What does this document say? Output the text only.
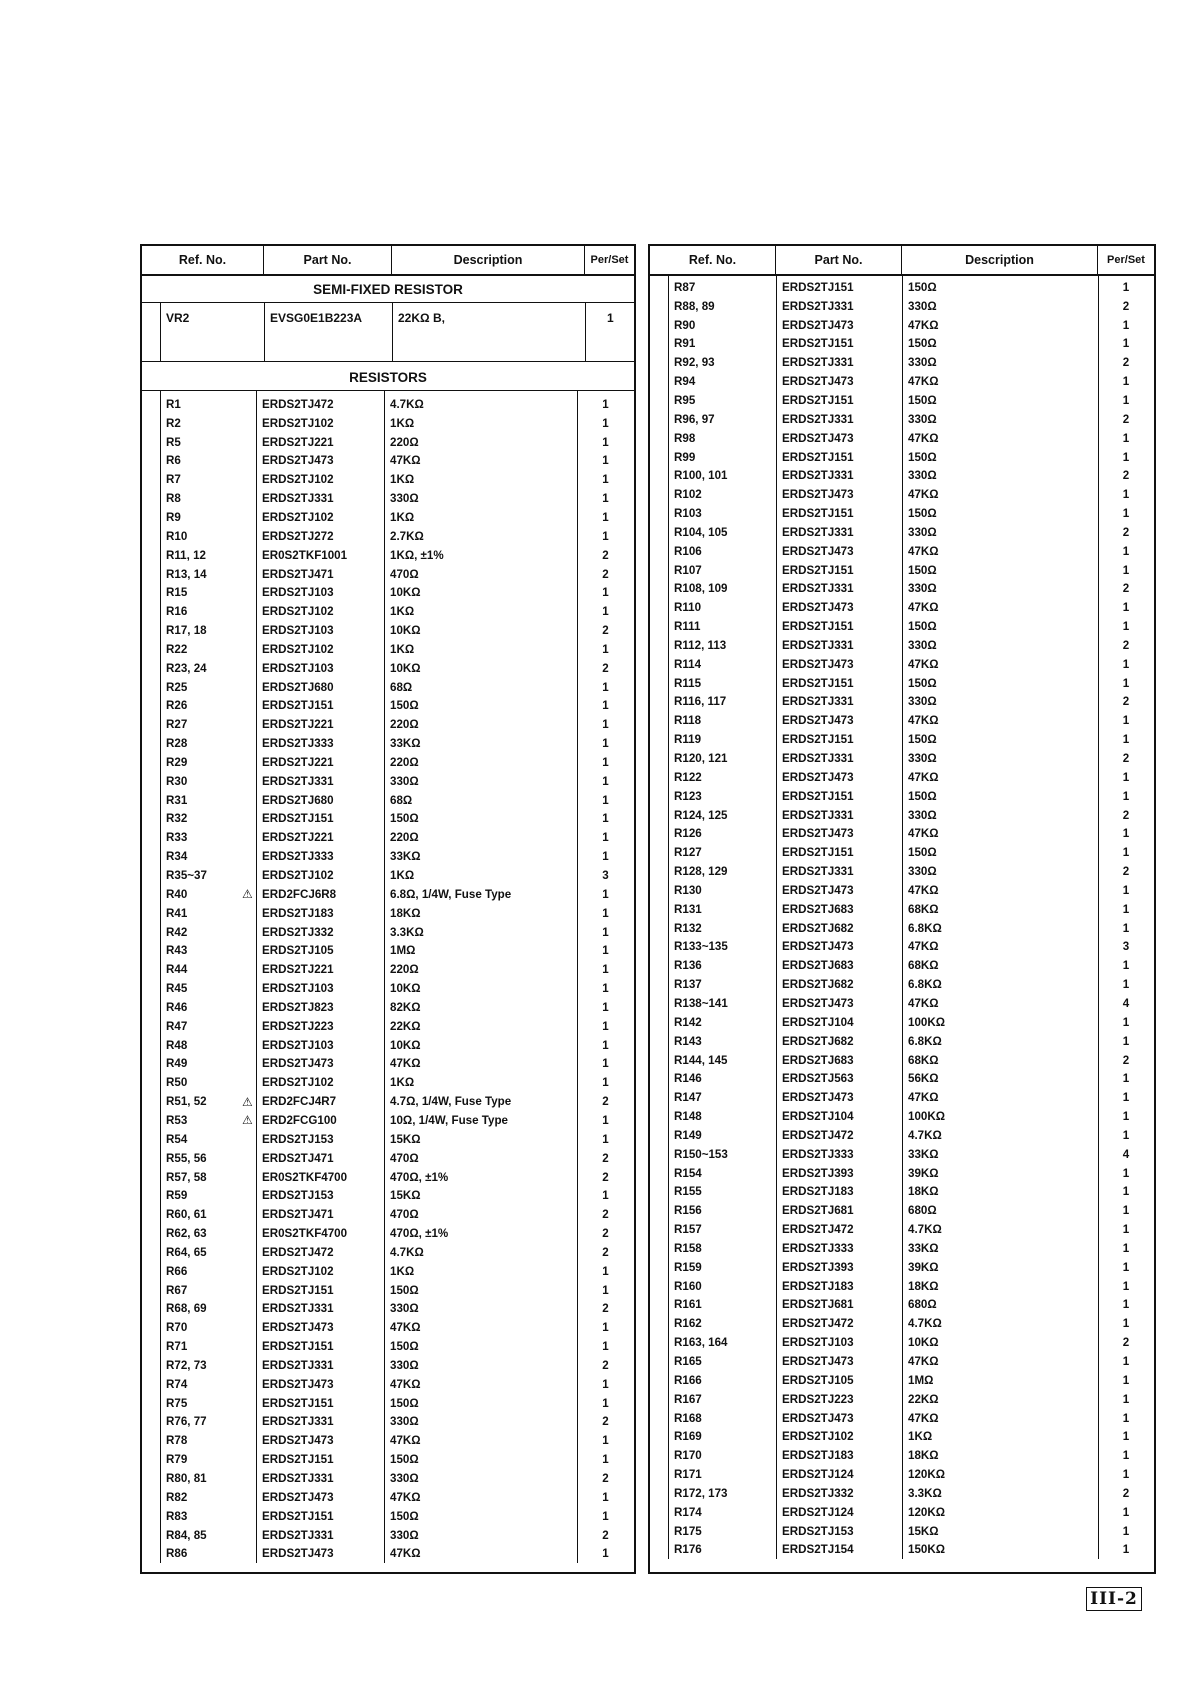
Ref. No.	Part No.	Description	Per/Set
SEMI-FIXED RESISTOR
VR2	EVSG0E1B223A	22KΩ B,	1
RESISTORS
R1	ERDS2TJ472	4.7KΩ	1
R2	ERDS2TJ102	1KΩ	1
R5	ERDS2TJ221	220Ω	1
R6	ERDS2TJ473	47KΩ	1
R7	ERDS2TJ102	1KΩ	1
R8	ERDS2TJ331	330Ω	1
R9	ERDS2TJ102	1KΩ	1
R10	ERDS2TJ272	2.7KΩ	1
R11, 12	ER0S2TKF1001	1KΩ, ±1%	2
R13, 14	ERDS2TJ471	470Ω	2
R15	ERDS2TJ103	10KΩ	1
R16	ERDS2TJ102	1KΩ	1
R17, 18	ERDS2TJ103	10KΩ	2
R22	ERDS2TJ102	1KΩ	1
R23, 24	ERDS2TJ103	10KΩ	2
R25	ERDS2TJ680	68Ω	1
R26	ERDS2TJ151	150Ω	1
R27	ERDS2TJ221	220Ω	1
R28	ERDS2TJ333	33KΩ	1
R29	ERDS2TJ221	220Ω	1
R30	ERDS2TJ331	330Ω	1
R31	ERDS2TJ680	68Ω	1
R32	ERDS2TJ151	150Ω	1
R33	ERDS2TJ221	220Ω	1
R34	ERDS2TJ333	33KΩ	1
R35~37	ERDS2TJ102	1KΩ	3
R40	ERD2FCJ6R8	6.8Ω, 1/4W, Fuse Type	1
⚠
R41	ERDS2TJ183	18KΩ	1
R42	ERDS2TJ332	3.3KΩ	1
R43	ERDS2TJ105	1MΩ	1
R44	ERDS2TJ221	220Ω	1
R45	ERDS2TJ103	10KΩ	1
R46	ERDS2TJ823	82KΩ	1
R47	ERDS2TJ223	22KΩ	1
R48	ERDS2TJ103	10KΩ	1
R49	ERDS2TJ473	47KΩ	1
R50	ERDS2TJ102	1KΩ	1
R51, 52	ERD2FCJ4R7	4.7Ω, 1/4W, Fuse Type	2
⚠
R53	ERD2FCG100	10Ω, 1/4W, Fuse Type	1
⚠
R54	ERDS2TJ153	15KΩ	1
R55, 56	ERDS2TJ471	470Ω	2
R57, 58	ER0S2TKF4700	470Ω, ±1%	2
R59	ERDS2TJ153	15KΩ	1
R60, 61	ERDS2TJ471	470Ω	2
R62, 63	ER0S2TKF4700	470Ω, ±1%	2
R64, 65	ERDS2TJ472	4.7KΩ	2
R66	ERDS2TJ102	1KΩ	1
R67	ERDS2TJ151	150Ω	1
R68, 69	ERDS2TJ331	330Ω	2
R70	ERDS2TJ473	47KΩ	1
R71	ERDS2TJ151	150Ω	1
R72, 73	ERDS2TJ331	330Ω	2
R74	ERDS2TJ473	47KΩ	1
R75	ERDS2TJ151	150Ω	1
R76, 77	ERDS2TJ331	330Ω	2
R78	ERDS2TJ473	47KΩ	1
R79	ERDS2TJ151	150Ω	1
R80, 81	ERDS2TJ331	330Ω	2
R82	ERDS2TJ473	47KΩ	1
R83	ERDS2TJ151	150Ω	1
R84, 85	ERDS2TJ331	330Ω	2
R86	ERDS2TJ473	47KΩ	1
Ref. No.	Part No.	Description	Per/Set
R87	ERDS2TJ151	150Ω	1
R88, 89	ERDS2TJ331	330Ω	2
R90	ERDS2TJ473	47KΩ	1
R91	ERDS2TJ151	150Ω	1
R92, 93	ERDS2TJ331	330Ω	2
R94	ERDS2TJ473	47KΩ	1
R95	ERDS2TJ151	150Ω	1
R96, 97	ERDS2TJ331	330Ω	2
R98	ERDS2TJ473	47KΩ	1
R99	ERDS2TJ151	150Ω	1
R100, 101	ERDS2TJ331	330Ω	2
R102	ERDS2TJ473	47KΩ	1
R103	ERDS2TJ151	150Ω	1
R104, 105	ERDS2TJ331	330Ω	2
R106	ERDS2TJ473	47KΩ	1
R107	ERDS2TJ151	150Ω	1
R108, 109	ERDS2TJ331	330Ω	2
R110	ERDS2TJ473	47KΩ	1
R111	ERDS2TJ151	150Ω	1
R112, 113	ERDS2TJ331	330Ω	2
R114	ERDS2TJ473	47KΩ	1
R115	ERDS2TJ151	150Ω	1
R116, 117	ERDS2TJ331	330Ω	2
R118	ERDS2TJ473	47KΩ	1
R119	ERDS2TJ151	150Ω	1
R120, 121	ERDS2TJ331	330Ω	2
R122	ERDS2TJ473	47KΩ	1
R123	ERDS2TJ151	150Ω	1
R124, 125	ERDS2TJ331	330Ω	2
R126	ERDS2TJ473	47KΩ	1
R127	ERDS2TJ151	150Ω	1
R128, 129	ERDS2TJ331	330Ω	2
R130	ERDS2TJ473	47KΩ	1
R131	ERDS2TJ683	68KΩ	1
R132	ERDS2TJ682	6.8KΩ	1
R133~135	ERDS2TJ473	47KΩ	3
R136	ERDS2TJ683	68KΩ	1
R137	ERDS2TJ682	6.8KΩ	1
R138~141	ERDS2TJ473	47KΩ	4
R142	ERDS2TJ104	100KΩ	1
R143	ERDS2TJ682	6.8KΩ	1
R144, 145	ERDS2TJ683	68KΩ	2
R146	ERDS2TJ563	56KΩ	1
R147	ERDS2TJ473	47KΩ	1
R148	ERDS2TJ104	100KΩ	1
R149	ERDS2TJ472	4.7KΩ	1
R150~153	ERDS2TJ333	33KΩ	4
R154	ERDS2TJ393	39KΩ	1
R155	ERDS2TJ183	18KΩ	1
R156	ERDS2TJ681	680Ω	1
R157	ERDS2TJ472	4.7KΩ	1
R158	ERDS2TJ333	33KΩ	1
R159	ERDS2TJ393	39KΩ	1
R160	ERDS2TJ183	18KΩ	1
R161	ERDS2TJ681	680Ω	1
R162	ERDS2TJ472	4.7KΩ	1
R163, 164	ERDS2TJ103	10KΩ	2
R165	ERDS2TJ473	47KΩ	1
R166	ERDS2TJ105	1MΩ	1
R167	ERDS2TJ223	22KΩ	1
R168	ERDS2TJ473	47KΩ	1
R169	ERDS2TJ102	1KΩ	1
R170	ERDS2TJ183	18KΩ	1
R171	ERDS2TJ124	120KΩ	1
R172, 173	ERDS2TJ332	3.3KΩ	2
R174	ERDS2TJ124	120KΩ	1
R175	ERDS2TJ153	15KΩ	1
R176	ERDS2TJ154	150KΩ	1
III-2
